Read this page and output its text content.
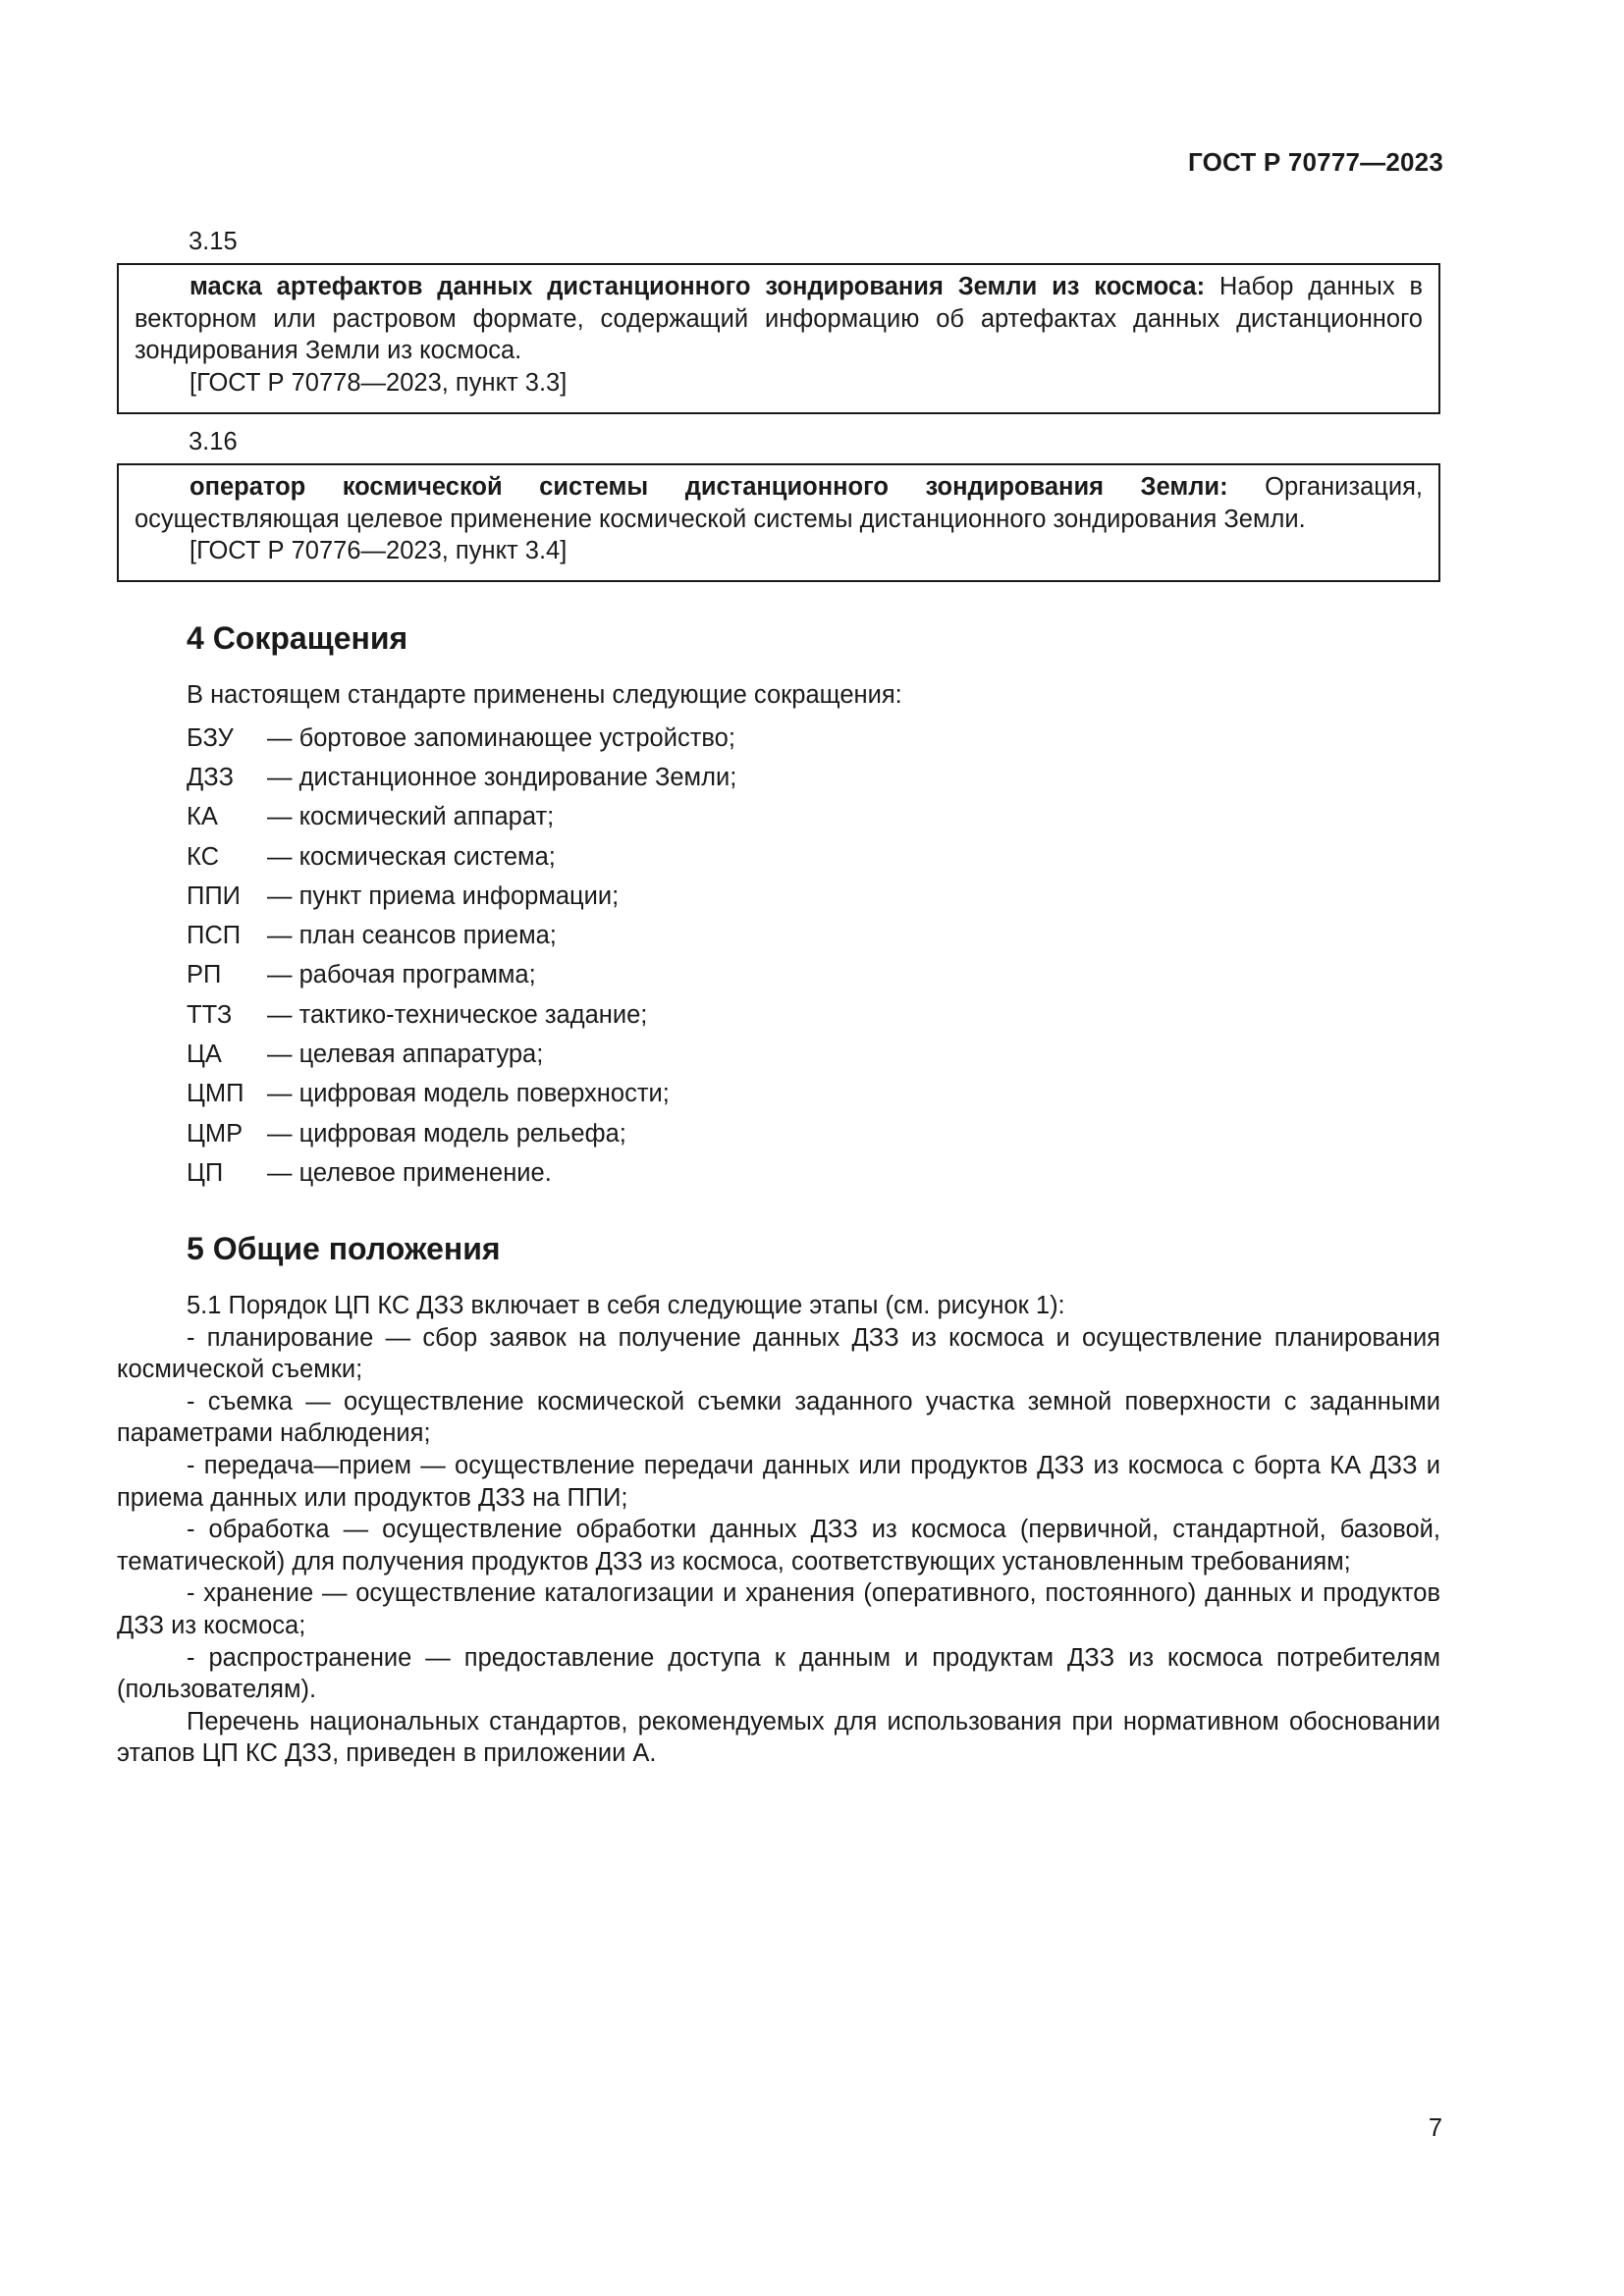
ГОСТ Р 70777—2023
3.15

маска артефактов данных дистанционного зондирования Земли из космоса: Набор данных в векторном или растровом формате, содержащий информацию об артефактах данных дистанционного зондирования Земли из космоса.

[ГОСТ Р 70778—2023, пункт 3.3]

3.16

оператор космической системы дистанционного зондирования Земли: Организация, осуществляющая целевое применение космической системы дистанционного зондирования Земли.

[ГОСТ Р 70776—2023, пункт 3.4]

4 Сокращения
В настоящем стандарте применены следующие сокращения:
БЗУ	— бортовое запоминающее устройство;
ДЗЗ	— дистанционное зондирование Земли;
КА	— космический аппарат;
КС	— космическая система;
ППИ	— пункт приема информации;
ПСП	— план сеансов приема;
РП	— рабочая программа;
ТТЗ	— тактико-техническое задание;
ЦА	— целевая аппаратура;
ЦМП — цифровая модель поверхности;
ЦМР — цифровая модель рельефа;
ЦП	— целевое применение.
5 Общие положения

5.1 Порядок ЦП КС ДЗЗ включает в себя следующие этапы (см. рисунок 1):

- планирование — сбор заявок на получение данных ДЗЗ из космоса и осуществление планирования космической съемки;

- съемка — осуществление космической съемки заданного участка земной поверхности с заданными параметрами наблюдения;

- передача—прием — осуществление передачи данных или продуктов ДЗЗ из космоса с борта КА ДЗЗ и приема данных или продуктов ДЗЗ на ППИ;

- обработка — осуществление обработки данных ДЗЗ из космоса (первичной, стандартной, базовой, тематической) для получения продуктов ДЗЗ из космоса, соответствующих установленным требованиям;

- хранение — осуществление каталогизации и хранения (оперативного, постоянного) данных и продуктов ДЗЗ из космоса;

- распространение — предоставление доступа к данным и продуктам ДЗЗ из космоса потребителям (пользователям).

Перечень национальных стандартов, рекомендуемых для использования при нормативном обосновании этапов ЦП КС ДЗЗ, приведен в приложении А.

7
